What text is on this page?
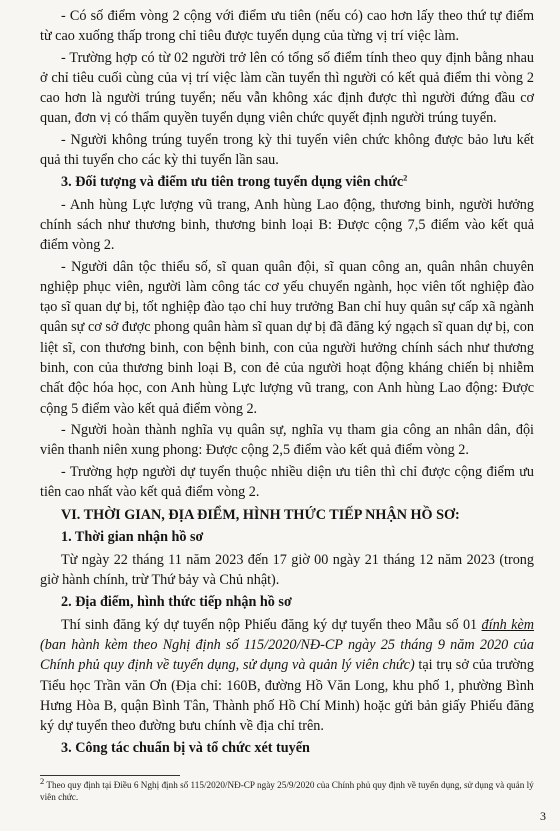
- Có số điểm vòng 2 cộng với điểm ưu tiên (nếu có) cao hơn lấy theo thứ tự điểm từ cao xuống thấp trong chỉ tiêu được tuyển dụng của từng vị trí việc làm.

- Trường hợp có từ 02 người trở lên có tổng số điểm tính theo quy định bằng nhau ở chỉ tiêu cuối cùng của vị trí việc làm cần tuyển thì người có kết quả điểm thi vòng 2 cao hơn là người trúng tuyển; nếu vẫn không xác định được thì người đứng đầu cơ quan, đơn vị có thẩm quyền tuyển dụng viên chức quyết định người trúng tuyển.

- Người không trúng tuyển trong kỳ thi tuyển viên chức không được bảo lưu kết quả thi tuyển cho các kỳ thi tuyển lần sau.

3. Đối tượng và điểm ưu tiên trong tuyển dụng viên chức$^2$

- Anh hùng Lực lượng vũ trang, Anh hùng Lao động, thương binh, người hưởng chính sách như thương binh, thương binh loại B: Được cộng 7,5 điểm vào kết quả điểm vòng 2.

- Người dân tộc thiểu số, sĩ quan quân đội, sĩ quan công an, quân nhân chuyên nghiệp phục viên, người làm công tác cơ yếu chuyển ngành, học viên tốt nghiệp đào tạo sĩ quan dự bị, tốt nghiệp đào tạo chỉ huy trưởng Ban chỉ huy quân sự cấp xã ngành quân sự cơ sở được phong quân hàm sĩ quan dự bị đã đăng ký ngạch sĩ quan dự bị, con liệt sĩ, con thương binh, con bệnh binh, con của người hưởng chính sách như thương binh, con của thương binh loại B, con đẻ của người hoạt động kháng chiến bị nhiễm chất độc hóa học, con Anh hùng Lực lượng vũ trang, con Anh hùng Lao động: Được cộng 5 điểm vào kết quả điểm vòng 2.

- Người hoàn thành nghĩa vụ quân sự, nghĩa vụ tham gia công an nhân dân, đội viên thanh niên xung phong: Được cộng 2,5 điểm vào kết quả điểm vòng 2.

- Trường hợp người dự tuyển thuộc nhiều diện ưu tiên thì chỉ được cộng điểm ưu tiên cao nhất vào kết quả điểm vòng 2.

VI. THỜI GIAN, ĐỊA ĐIỂM, HÌNH THỨC TIẾP NHẬN HỒ SƠ:

1. Thời gian nhận hồ sơ

Từ ngày 22 tháng 11 năm 2023 đến 17 giờ 00 ngày 21 tháng 12 năm 2023 (trong giờ hành chính, trừ Thứ bảy và Chủ nhật).

2. Địa điểm, hình thức tiếp nhận hồ sơ

Thí sinh đăng ký dự tuyển nộp Phiếu đăng ký dự tuyển theo Mẫu số 01 đính kèm (ban hành kèm theo Nghị định số 115/2020/NĐ-CP ngày 25 tháng 9 năm 2020 của Chính phủ quy định về tuyển dụng, sử dụng và quản lý viên chức) tại trụ sở của trường Tiểu học Trần văn Ơn (Địa chỉ: 160B, đường Hồ Văn Long, khu phố 1, phường Bình Hưng Hòa B, quận Bình Tân, Thành phố Hồ Chí Minh) hoặc gửi bản giấy Phiếu đăng ký dự tuyển theo đường bưu chính về địa chỉ trên.

3. Công tác chuẩn bị và tổ chức xét tuyển

2 Theo quy định tại Điều 6 Nghị định số 115/2020/NĐ-CP ngày 25/9/2020 của Chính phủ quy định về tuyển dụng, sử dụng và quản lý viên chức.
3
